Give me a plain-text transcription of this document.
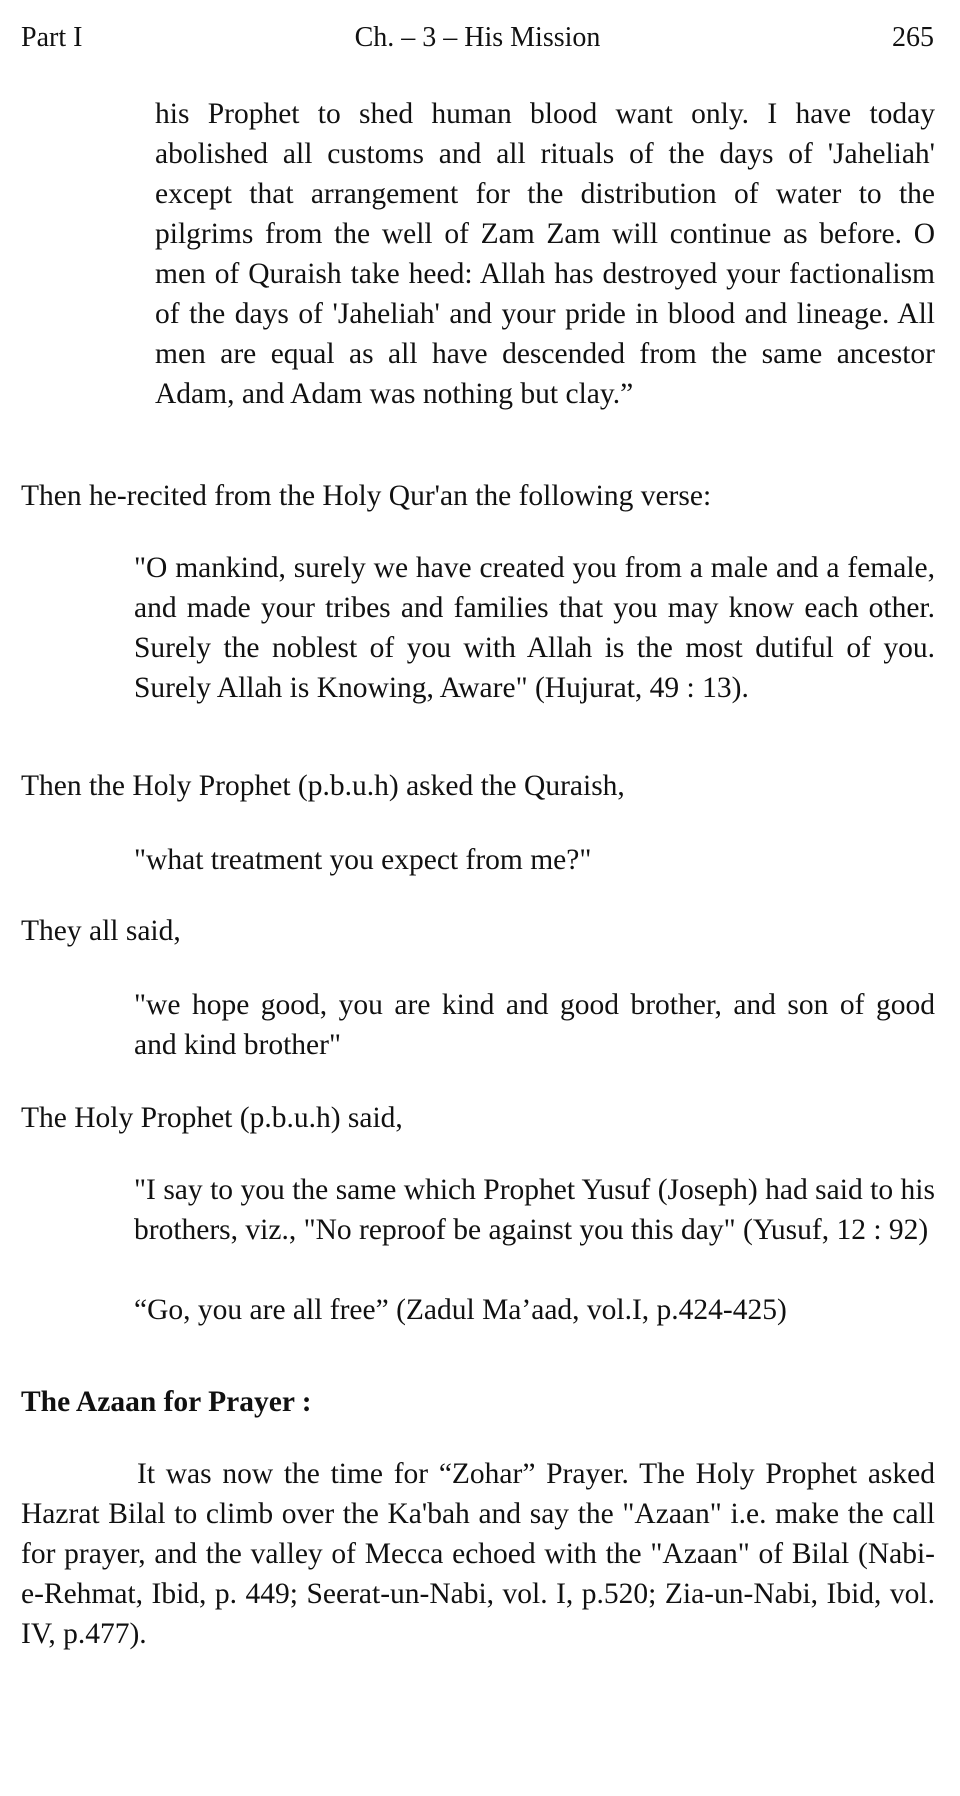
Part I	Ch. – 3 – His Mission	265

his Prophet to shed human blood want only. I have today abolished all customs and all rituals of the days of 'Jaheliah' except that arrangement for the distribution of water to the pilgrims from the well of Zam Zam will continue as before. O men of Quraish take heed: Allah has destroyed your factionalism of the days of 'Jaheliah' and your pride in blood and lineage. All men are equal as all have descended from the same ancestor Adam, and Adam was nothing but clay.”

Then he-recited from the Holy Qur'an the following verse:

"O mankind, surely we have created you from a male and a female, and made your tribes and families that you may know each other. Surely the noblest of you with Allah is the most dutiful of you. Surely Allah is Knowing, Aware" (Hujurat, 49 : 13).

Then the Holy Prophet (p.b.u.h) asked the Quraish,

"what treatment you expect from me?"

They all said,

"we hope good, you are kind and good brother, and son of good and kind brother"

The Holy Prophet (p.b.u.h) said,

"I say to you the same which Prophet Yusuf (Joseph) had said to his brothers, viz., "No reproof be against you this day" (Yusuf, 12 : 92)

“Go, you are all free” (Zadul Ma’aad, vol.I, p.424-425)

The Azaan for Prayer :

It was now the time for “Zohar” Prayer. The Holy Prophet asked Hazrat Bilal to climb over the Ka'bah and say the "Azaan" i.e. make the call for prayer, and the valley of Mecca echoed with the "Azaan" of Bilal (Nabi-e-Rehmat, Ibid, p. 449; Seerat-un-Nabi, vol. I, p.520; Zia-un-Nabi, Ibid, vol. IV, p.477).
